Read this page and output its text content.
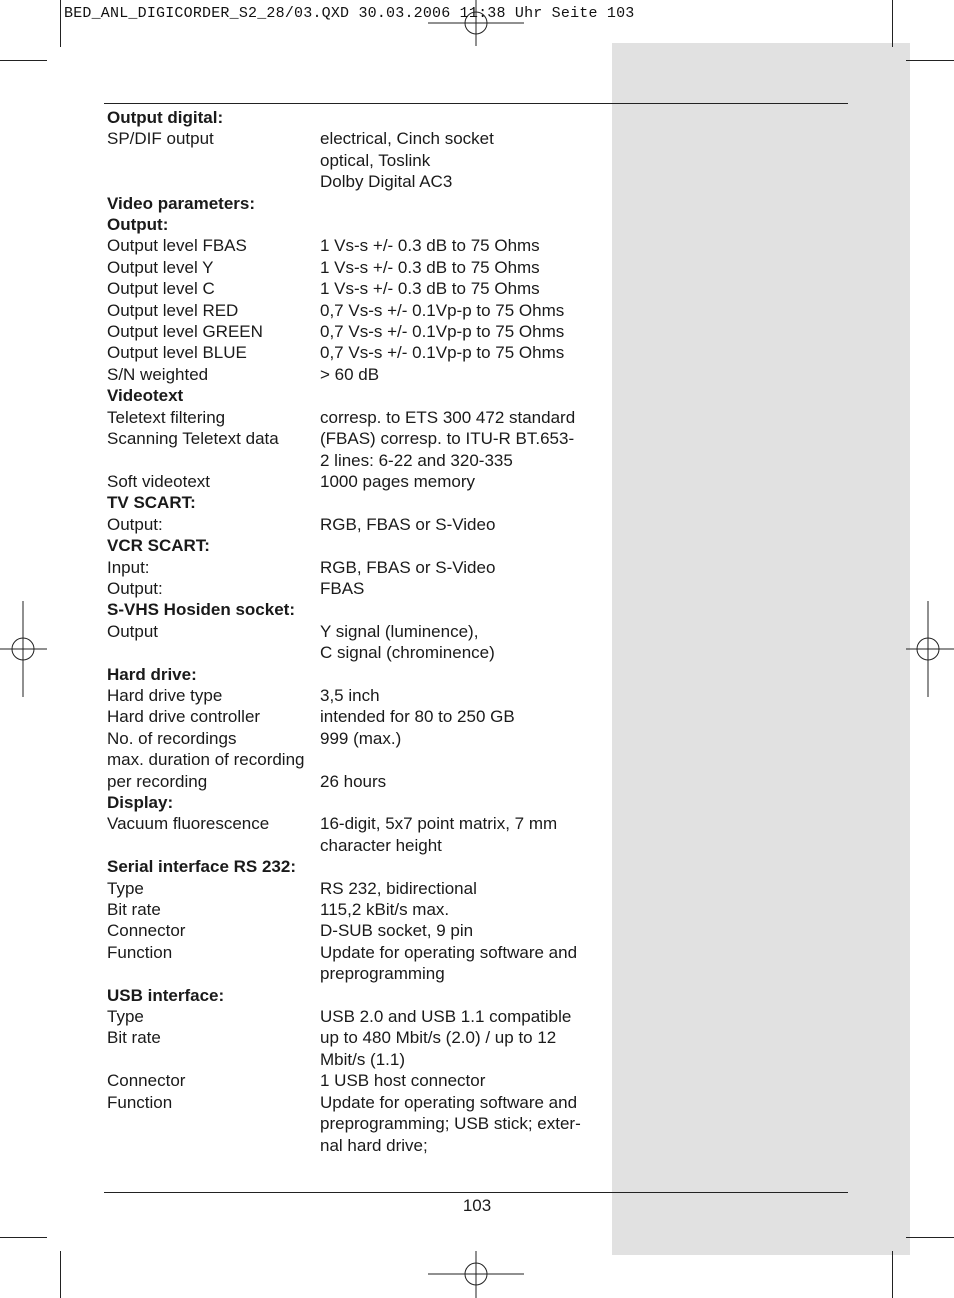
BED_ANL_DIGICORDER_S2_28/03.QXD 30.03.2006 11:38 Uhr Seite 103
Output digital:
SP/DIF output	electrical, Cinch socket

optical, Toslink

Dolby Digital AC3
Video parameters:
Output:
Output level FBAS	1 Vs-s +/- 0.3 dB to 75 Ohms
Output level Y	1 Vs-s +/- 0.3 dB to 75 Ohms
Output level C	1 Vs-s +/- 0.3 dB to 75 Ohms
Output level RED	0,7 Vs-s +/- 0.1Vp-p to 75 Ohms
Output level GREEN	0,7 Vs-s +/- 0.1Vp-p to 75 Ohms
Output level BLUE	0,7 Vs-s +/- 0.1Vp-p to 75 Ohms
S/N weighted	> 60 dB
Videotext
Teletext filtering	corresp. to ETS 300 472 standard
Scanning Teletext data	(FBAS) corresp. to ITU-R BT.653-

2 lines: 6-22 and 320-335
Soft videotext	1000 pages memory
TV SCART:
Output:	RGB, FBAS or S-Video
VCR SCART:
Input:	RGB, FBAS or S-Video
Output:	FBAS
S-VHS Hosiden socket:
Output	Y signal (luminence),

C signal (chrominence)
Hard drive:
Hard drive type	3,5 inch
Hard drive controller	intended for 80 to 250 GB
No. of recordings	999 (max.)
max. duration of recording

per recording	26 hours
Display:
Vacuum fluorescence	16-digit, 5x7 point matrix, 7 mm

character height
Serial interface RS 232:
Type	RS 232, bidirectional
Bit rate	115,2 kBit/s max.
Connector	D-SUB socket, 9 pin
Function	Update for operating software and

preprogramming
USB interface:
Type	USB 2.0 and USB 1.1 compatible
Bit rate	up to 480 Mbit/s (2.0) / up to 12

Mbit/s (1.1)
Connector	1 USB host connector
Function	Update for operating software and

preprogramming; USB stick; exter-

nal hard drive;
103
